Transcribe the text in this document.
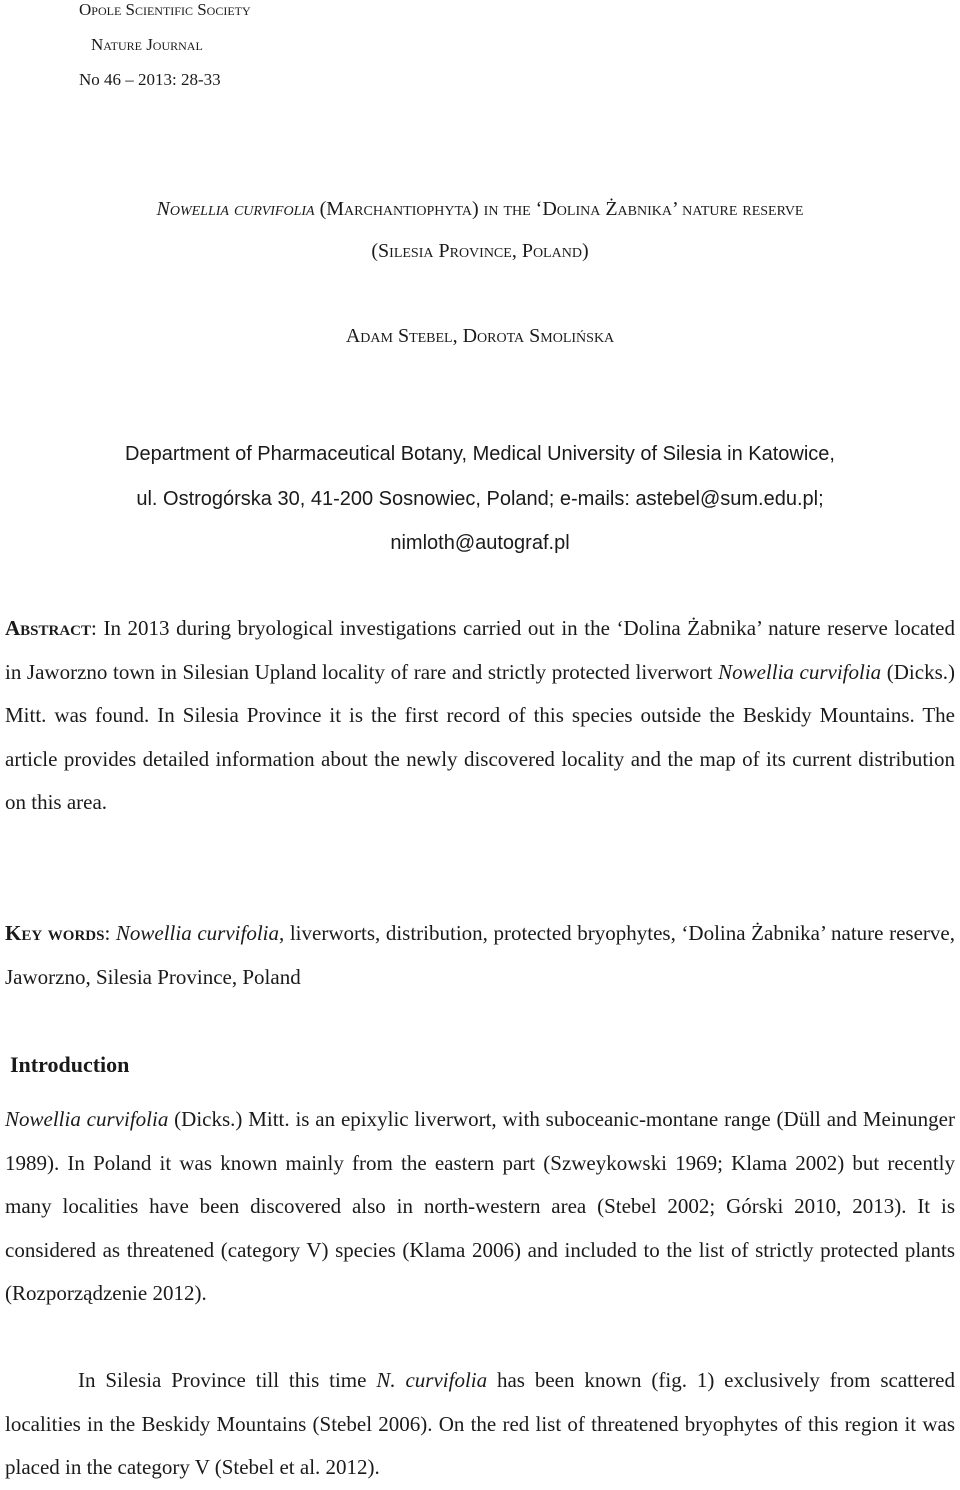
Opole Scientific Society
Nature Journal
No 46 – 2013: 28-33
Nowellia curvifolia (Marchantiophyta) in the ‘Dolina Żabnika’ nature reserve
(Silesia Province, Poland)
Adam Stebel, Dorota Smolińska
Department of Pharmaceutical Botany, Medical University of Silesia in Katowice,
ul. Ostrogórska 30, 41-200 Sosnowiec, Poland; e-mails: astebel@sum.edu.pl;
nimloth@autograf.pl

Abstract: In 2013 during bryological investigations carried out in the ‘Dolina Żabnika’ nature reserve located in Jaworzno town in Silesian Upland locality of rare and strictly protected liverwort Nowellia curvifolia (Dicks.) Mitt. was found. In Silesia Province it is the first record of this species outside the Beskidy Mountains. The article provides detailed information about the newly discovered locality and the map of its current distribution on this area.

Key words: Nowellia curvifolia, liverworts, distribution, protected bryophytes, ‘Dolina Żabnika’ nature reserve, Jaworzno, Silesia Province, Poland

Introduction

Nowellia curvifolia (Dicks.) Mitt. is an epixylic liverwort, with suboceanic-montane range (Düll and Meinunger 1989). In Poland it was known mainly from the eastern part (Szweykowski 1969; Klama 2002) but recently many localities have been discovered also in north-western area (Stebel 2002; Górski 2010, 2013). It is considered as threatened (category V) species (Klama 2006) and included to the list of strictly protected plants (Rozporządzenie 2012).

In Silesia Province till this time N. curvifolia has been known (fig. 1) exclusively from scattered localities in the Beskidy Mountains (Stebel 2006). On the red list of threatened bryophytes of this region it was placed in the category V (Stebel et al. 2012).
